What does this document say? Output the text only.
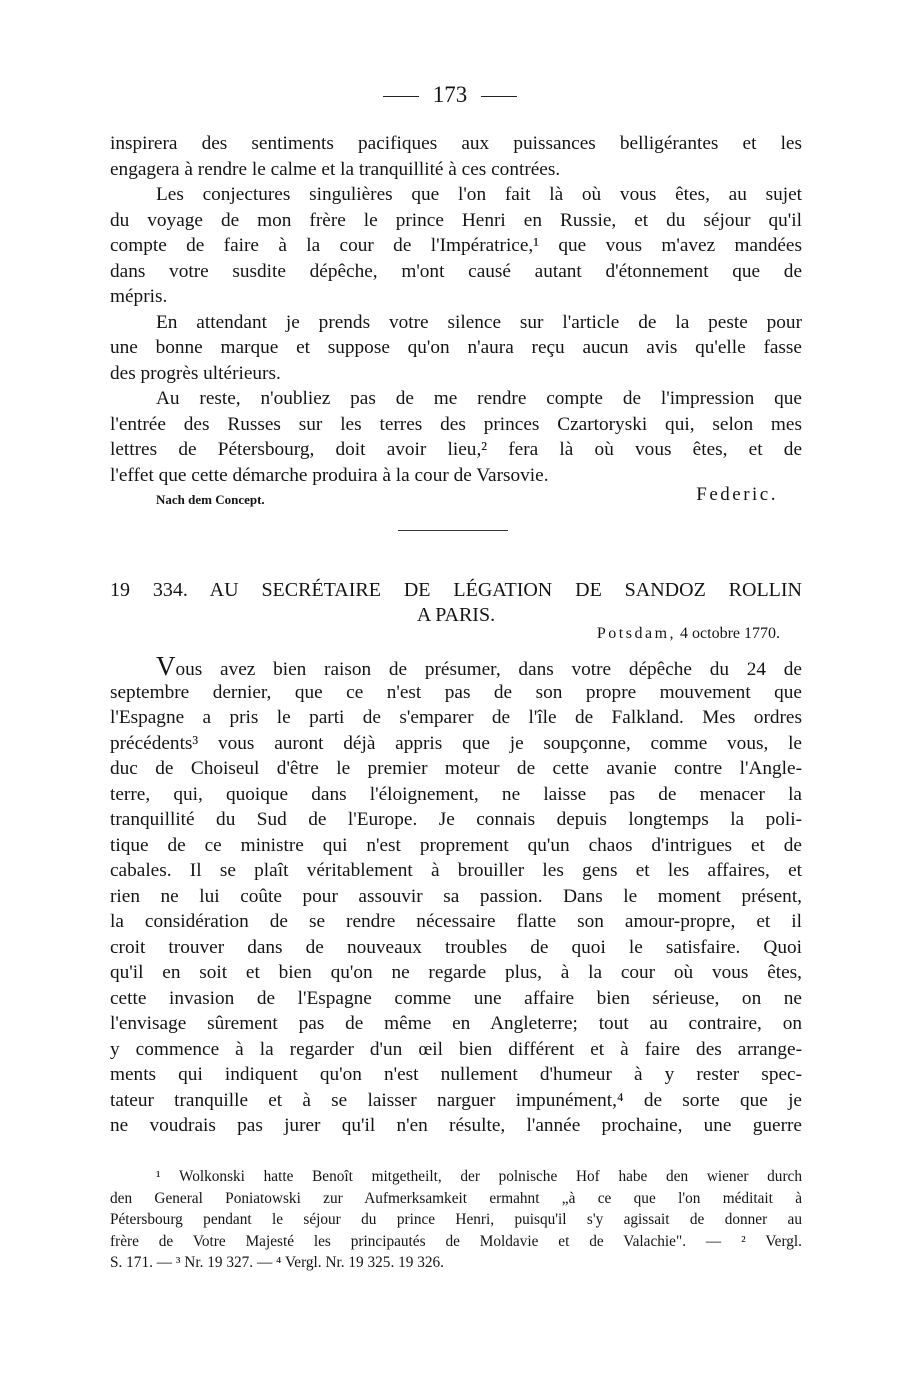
173
inspirera des sentiments pacifiques aux puissances belligérantes et les
engagera à rendre le calme et la tranquillité à ces contrées.
Les conjectures singulières que l'on fait là où vous êtes, au sujet
du voyage de mon frère le prince Henri en Russie, et du séjour qu'il
compte de faire à la cour de l'Impératrice,¹ que vous m'avez mandées
dans votre susdite dépêche, m'ont causé autant d'étonnement que de
mépris.
En attendant je prends votre silence sur l'article de la peste pour
une bonne marque et suppose qu'on n'aura reçu aucun avis qu'elle fasse
des progrès ultérieurs.
Au reste, n'oubliez pas de me rendre compte de l'impression que
l'entrée des Russes sur les terres des princes Czartoryski qui, selon mes
lettres de Pétersbourg, doit avoir lieu,² fera là où vous êtes, et de
l'effet que cette démarche produira à la cour de Varsovie.
Nach dem Concept.	Federic.
19 334. AU SECRÉTAIRE DE LÉGATION DE SANDOZ ROLLIN
A PARIS.
Potsdam, 4 octobre 1770.
Vous avez bien raison de présumer, dans votre dépêche du 24 de
septembre dernier, que ce n'est pas de son propre mouvement que
l'Espagne a pris le parti de s'emparer de l'île de Falkland. Mes ordres
précédents³ vous auront déjà appris que je soupçonne, comme vous, le
duc de Choiseul d'être le premier moteur de cette avanie contre l'Angle-
terre, qui, quoique dans l'éloignement, ne laisse pas de menacer la
tranquillité du Sud de l'Europe. Je connais depuis longtemps la poli-
tique de ce ministre qui n'est proprement qu'un chaos d'intrigues et de
cabales. Il se plaît véritablement à brouiller les gens et les affaires, et
rien ne lui coûte pour assouvir sa passion. Dans le moment présent,
la considération de se rendre nécessaire flatte son amour-propre, et il
croit trouver dans de nouveaux troubles de quoi le satisfaire. Quoi
qu'il en soit et bien qu'on ne regarde plus, à la cour où vous êtes,
cette invasion de l'Espagne comme une affaire bien sérieuse, on ne
l'envisage sûrement pas de même en Angleterre; tout au contraire, on
y commence à la regarder d'un œil bien différent et à faire des arrange-
ments qui indiquent qu'on n'est nullement d'humeur à y rester spec-
tateur tranquille et à se laisser narguer impunément,⁴ de sorte que je
ne voudrais pas jurer qu'il n'en résulte, l'année prochaine, une guerre
¹ Wolkonski hatte Benoît mitgetheilt, der polnische Hof habe den wiener durch
den General Poniatowski zur Aufmerksamkeit ermahnt „à ce que l'on méditait à
Pétersbourg pendant le séjour du prince Henri, puisqu'il s'y agissait de donner au
frère de Votre Majesté les principautés de Moldavie et de Valachie". — ² Vergl.
S. 171. — ³ Nr. 19 327. — ⁴ Vergl. Nr. 19 325. 19 326.
